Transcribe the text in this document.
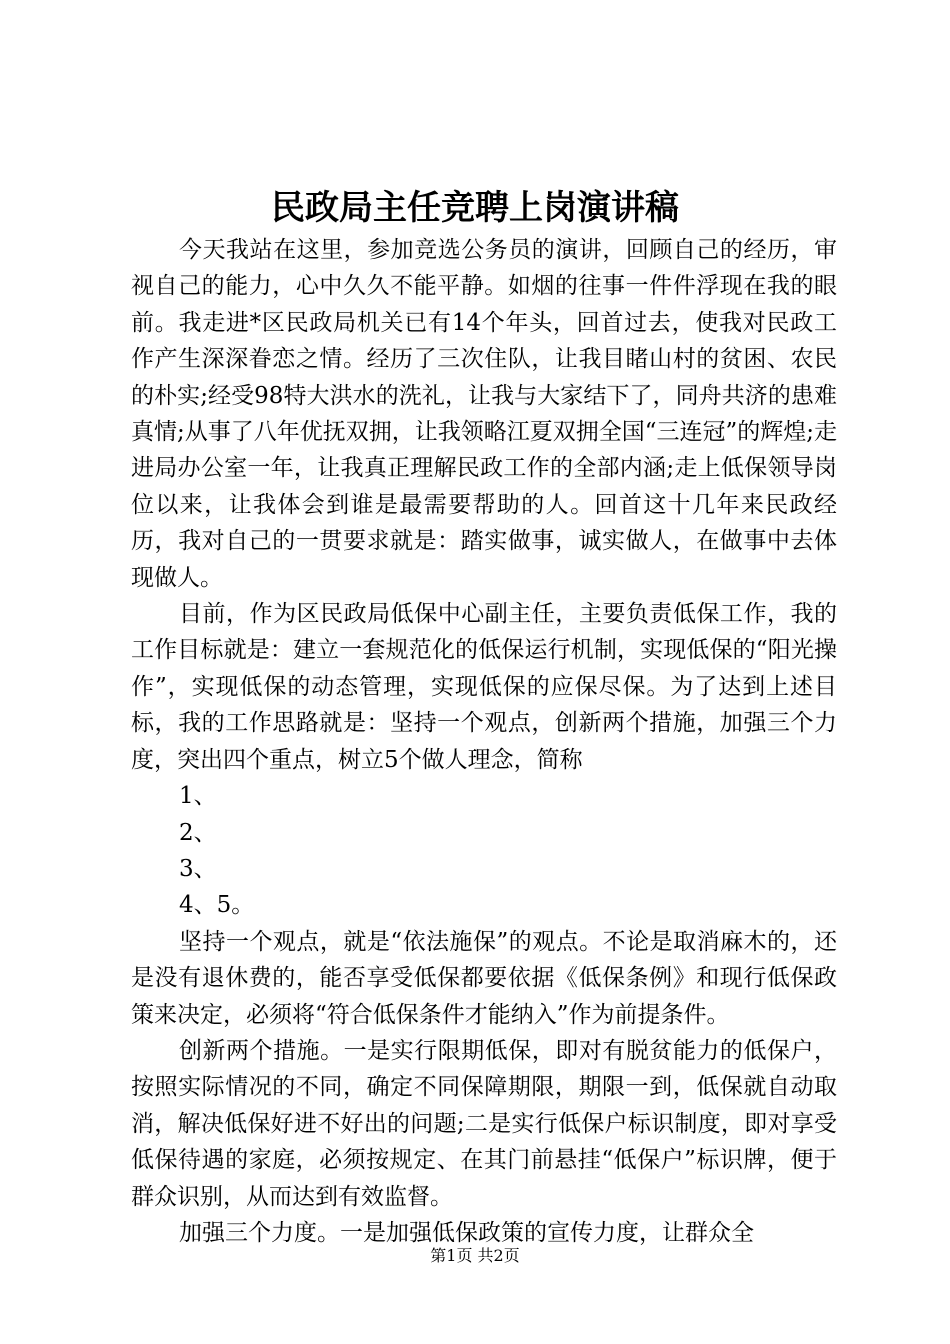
民政局主任竞聘上岗演讲稿

今天我站在这里，参加竞选公务员的演讲，回顾自己的经历，审视自己的能力，心中久久不能平静。如烟的往事一件件浮现在我的眼前。我走进*区民政局机关已有14个年头，回首过去，使我对民政工作产生深深眷恋之情。经历了三次住队，让我目睹山村的贫困、农民的朴实;经受98特大洪水的洗礼，让我与大家结下了，同舟共济的患难真情;从事了八年优抚双拥，让我领略江夏双拥全国“三连冠”的辉煌;走进局办公室一年，让我真正理解民政工作的全部内涵;走上低保领导岗位以来，让我体会到谁是最需要帮助的人。回首这十几年来民政经历，我对自己的一贯要求就是：踏实做事，诚实做人，在做事中去体现做人。

目前，作为区民政局低保中心副主任，主要负责低保工作，我的工作目标就是：建立一套规范化的低保运行机制，实现低保的“阳光操作”，实现低保的动态管理，实现低保的应保尽保。为了达到上述目标，我的工作思路就是：坚持一个观点，创新两个措施，加强三个力度，突出四个重点，树立5个做人理念，简称

1、

2、

3、

4、5。

坚持一个观点，就是“依法施保”的观点。不论是取消麻木的，还是没有退休费的，能否享受低保都要依据《低保条例》和现行低保政策来决定，必须将“符合低保条件才能纳入”作为前提条件。

创新两个措施。一是实行限期低保，即对有脱贫能力的低保户，按照实际情况的不同，确定不同保障期限，期限一到，低保就自动取消，解决低保好进不好出的问题;二是实行低保户标识制度，即对享受低保待遇的家庭，必须按规定、在其门前悬挂“低保户”标识牌，便于群众识别，从而达到有效监督。

加强三个力度。一是加强低保政策的宣传力度，让群众全

第1页 共2页
